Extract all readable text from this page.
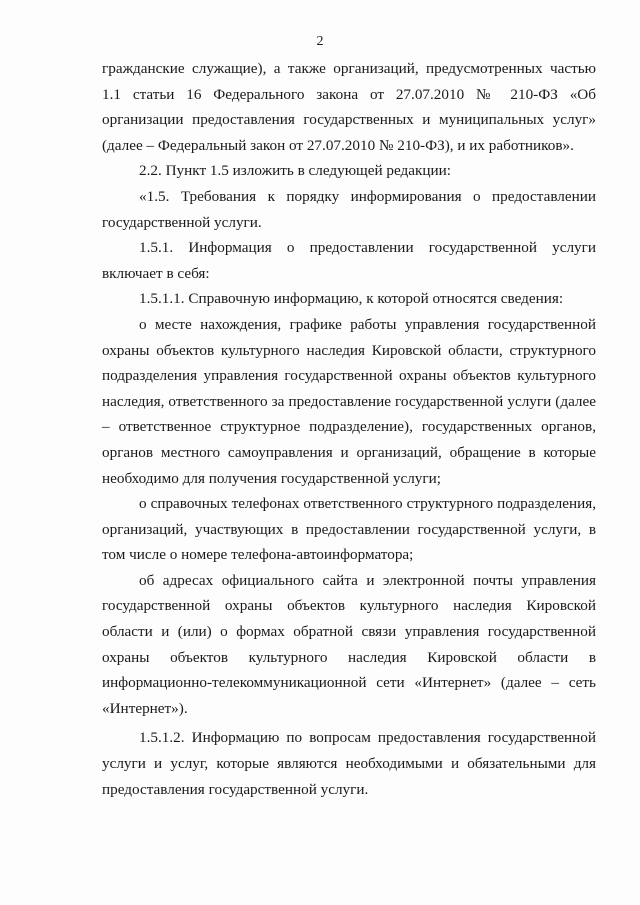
2

гражданские служащие), а также организаций, предусмотренных частью 1.1 статьи 16 Федерального закона от 27.07.2010 № 210-ФЗ «Об организации предоставления государственных и муниципальных услуг» (далее – Федеральный закон от 27.07.2010 № 210-ФЗ), и их работников».

2.2. Пункт 1.5 изложить в следующей редакции:

«1.5. Требования к порядку информирования о предоставлении государственной услуги.

1.5.1. Информация о предоставлении государственной услуги включает в себя:

1.5.1.1. Справочную информацию, к которой относятся сведения:

о месте нахождения, графике работы управления государственной охраны объектов культурного наследия Кировской области, структурного подразделения управления государственной охраны объектов культурного наследия, ответственного за предоставление государственной услуги (далее – ответственное структурное подразделение), государственных органов, органов местного самоуправления и организаций, обращение в которые необходимо для получения государственной услуги;

о справочных телефонах ответственного структурного подразделения, организаций, участвующих в предоставлении государственной услуги, в том числе о номере телефона-автоинформатора;

об адресах официального сайта и электронной почты управления государственной охраны объектов культурного наследия Кировской области и (или) о формах обратной связи управления государственной охраны объектов культурного наследия Кировской области в информационно-телекоммуникационной сети «Интернет» (далее – сеть «Интернет»).

1.5.1.2. Информацию по вопросам предоставления государственной услуги и услуг, которые являются необходимыми и обязательными для предоставления государственной услуги.
